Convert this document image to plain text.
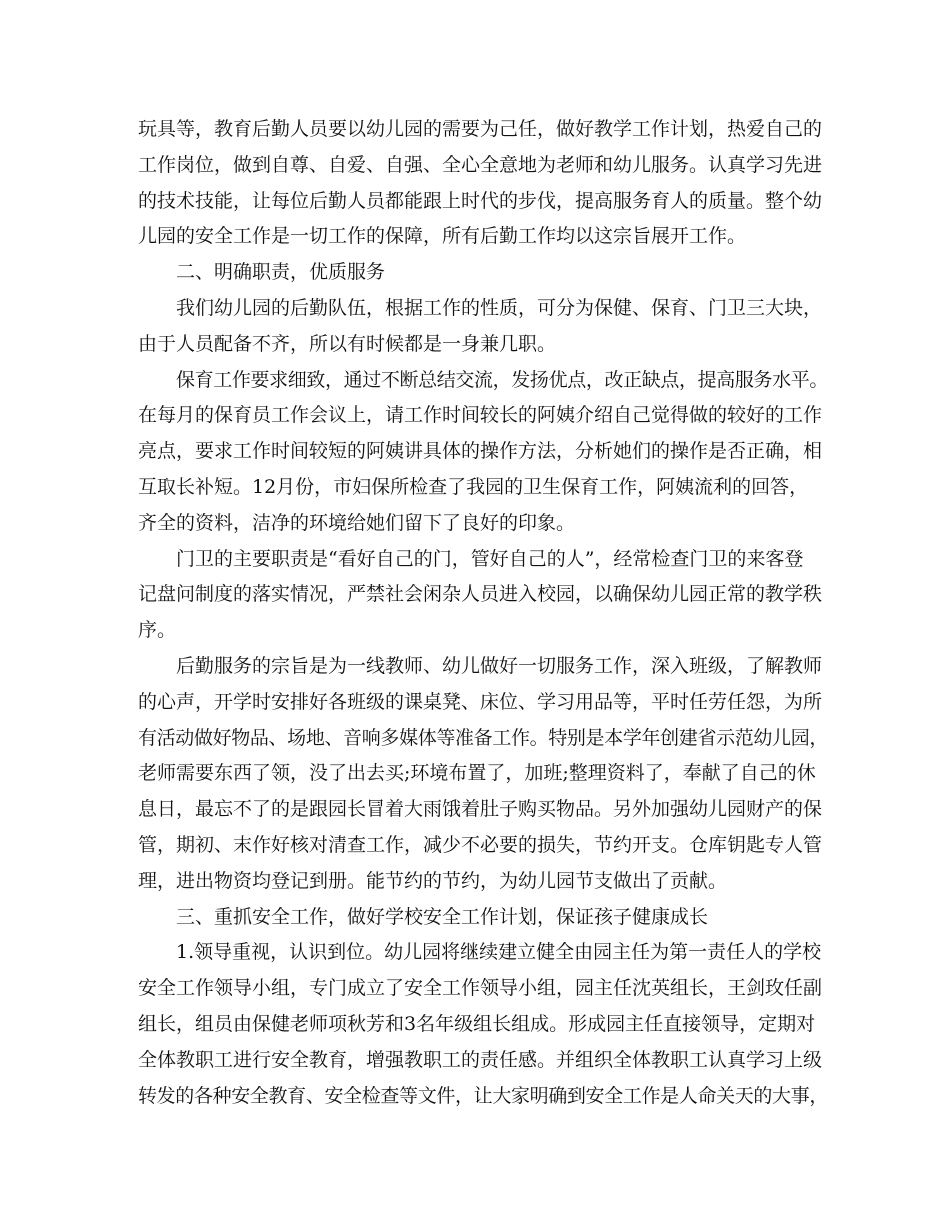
玩具等，教育后勤人员要以幼儿园的需要为己任，做好教学工作计划，热爱自己的
工作岗位，做到自尊、自爱、自强、全心全意地为老师和幼儿服务。认真学习先进
的技术技能，让每位后勤人员都能跟上时代的步伐，提高服务育人的质量。整个幼
儿园的安全工作是一切工作的保障，所有后勤工作均以这宗旨展开工作。
二、明确职责，优质服务
我们幼儿园的后勤队伍，根据工作的性质，可分为保健、保育、门卫三大块，
由于人员配备不齐，所以有时候都是一身兼几职。
保育工作要求细致，通过不断总结交流，发扬优点，改正缺点，提高服务水平。
在每月的保育员工作会议上，请工作时间较长的阿姨介绍自己觉得做的较好的工作
亮点，要求工作时间较短的阿姨讲具体的操作方法，分析她们的操作是否正确，相
互取长补短。12月份，市妇保所检查了我园的卫生保育工作，阿姨流利的回答，
齐全的资料，洁净的环境给她们留下了良好的印象。
门卫的主要职责是“看好自己的门，管好自己的人”，经常检查门卫的来客登
记盘问制度的落实情况，严禁社会闲杂人员进入校园，以确保幼儿园正常的教学秩
序。
后勤服务的宗旨是为一线教师、幼儿做好一切服务工作，深入班级，了解教师
的心声，开学时安排好各班级的课桌凳、床位、学习用品等，平时任劳任怨，为所
有活动做好物品、场地、音响多媒体等准备工作。特别是本学年创建省示范幼儿园，
老师需要东西了领，没了出去买;环境布置了，加班;整理资料了，奉献了自己的休
息日，最忘不了的是跟园长冒着大雨饿着肚子购买物品。另外加强幼儿园财产的保
管，期初、末作好核对清查工作，减少不必要的损失，节约开支。仓库钥匙专人管
理，进出物资均登记到册。能节约的节约，为幼儿园节支做出了贡献。
三、重抓安全工作，做好学校安全工作计划，保证孩子健康成长
1.领导重视，认识到位。幼儿园将继续建立健全由园主任为第一责任人的学校
安全工作领导小组，专门成立了安全工作领导小组，园主任沈英组长，王剑玫任副
组长，组员由保健老师项秋芳和3名年级组长组成。形成园主任直接领导，定期对
全体教职工进行安全教育，增强教职工的责任感。并组织全体教职工认真学习上级
转发的各种安全教育、安全检查等文件，让大家明确到安全工作是人命关天的大事，
